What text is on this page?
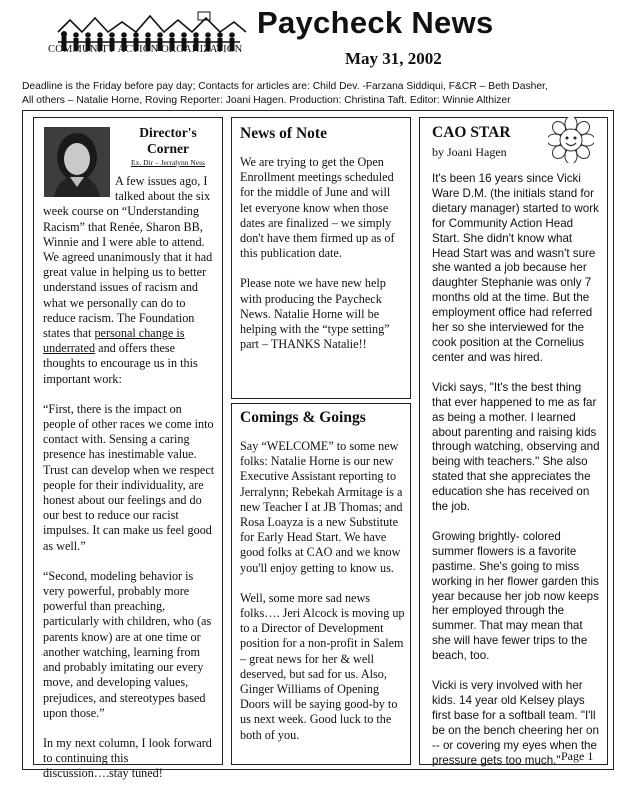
COMMUNITY ACTION ORGANIZATION
Paycheck News
May 31, 2002
Deadline is the Friday before pay day; Contacts for articles are: Child Dev. -Farzana Siddiqui, F&CR – Beth Dasher,
All others – Natalie Horne, Roving Reporter: Joani Hagen. Production: Christina Taft. Editor: Winnie Althizer
Director's
Corner
Ex. Dir – Jerralynn Ness

A few issues ago, I talked about the six week course on “Understanding Racism” that Renée, Sharon BB, Winnie and I were able to attend. We agreed unanimously that it had great value in helping us to better understand issues of racism and what we personally can do to reduce racism. The Foundation states that personal change is underrated and offers these thoughts to encourage us in this important work:

“First, there is the impact on people of other races we come into contact with. Sensing a caring presence has inestimable value. Trust can develop when we respect people for their individuality, are honest about our feelings and do our best to reduce our racist impulses. It can make us feel good as well.”

“Second, modeling behavior is very powerful, probably more powerful than preaching, particularly with children, who (as parents know) are at one time or another watching, learning from and probably imitating our every move, and developing values, prejudices, and stereotypes based upon those.”

In my next column, I look forward to continuing this discussion….stay tuned!

News of Note

We are trying to get the Open Enrollment meetings scheduled for the middle of June and will let everyone know when those dates are finalized – we simply don't have them firmed up as of this publication date.

Please note we have new help with producing the Paycheck News. Natalie Horne will be helping with the “type setting” part – THANKS Natalie!!

Comings & Goings

Say “WELCOME” to some new folks: Natalie Horne is our new Executive Assistant reporting to Jerralynn; Rebekah Armitage is a new Teacher I at JB Thomas; and Rosa Loayza is a new Substitute for Early Head Start. We have good folks at CAO and we know you'll enjoy getting to know us.

Well, some more sad news folks…. Jeri Alcock is moving up to a Director of Development position for a non-profit in Salem – great news for her & well deserved, but sad for us. Also, Ginger Williams of Opening Doors will be saying good-by to us next week. Good luck to the both of you.

CAO STAR
by Joani Hagen

It's been 16 years since Vicki Ware D.M. (the initials stand for dietary manager) started to work for Community Action Head Start. She didn't know what Head Start was and wasn't sure she wanted a job because her daughter Stephanie was only 7 months old at the time. But the employment office had referred her so she interviewed for the cook position at the Cornelius center and was hired.

Vicki says, "It's the best thing that ever happened to me as far as being a mother. I learned about parenting and raising kids through watching, observing and being with teachers." She also stated that she appreciates the education she has received on the job.

Growing brightly- colored summer flowers is a favorite pastime. She's going to miss working in her flower garden this year because her job now keeps her employed through the summer. That may mean that she will have fewer trips to the beach, too.

Vicki is very involved with her kids. 14 year old Kelsey plays first base for a softball team. "I'll be on the bench cheering her on -- or covering my eyes when the pressure gets too much." Page 1
